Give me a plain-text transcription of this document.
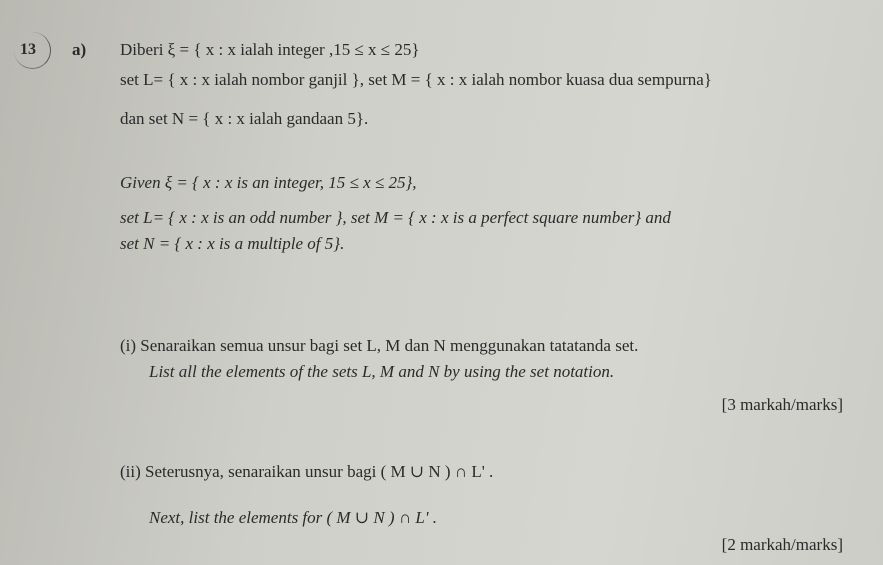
13 a) Diberi ξ = { x : x ialah integer ,15 ≤ x ≤ 25}
set L= { x : x ialah nombor ganjil }, set M = { x : x ialah nombor kuasa dua sempurna}
dan set N = { x : x ialah gandaan 5}.
Given ξ = { x : x is an integer, 15 ≤ x ≤ 25},
set L= { x : x is an odd number }, set M = { x : x is a perfect square number} and
set N = { x : x is a multiple of 5}.
(i) Senaraikan semua unsur bagi set L, M dan N menggunakan tatatanda set.
List all the elements of the sets L, M and N by using the set notation.
[3 markah/marks]
(ii) Seterusnya, senaraikan unsur bagi ( M ∪ N ) ∩ L' .
Next, list the elements for ( M ∪ N ) ∩ L' .
[2 markah/marks]
